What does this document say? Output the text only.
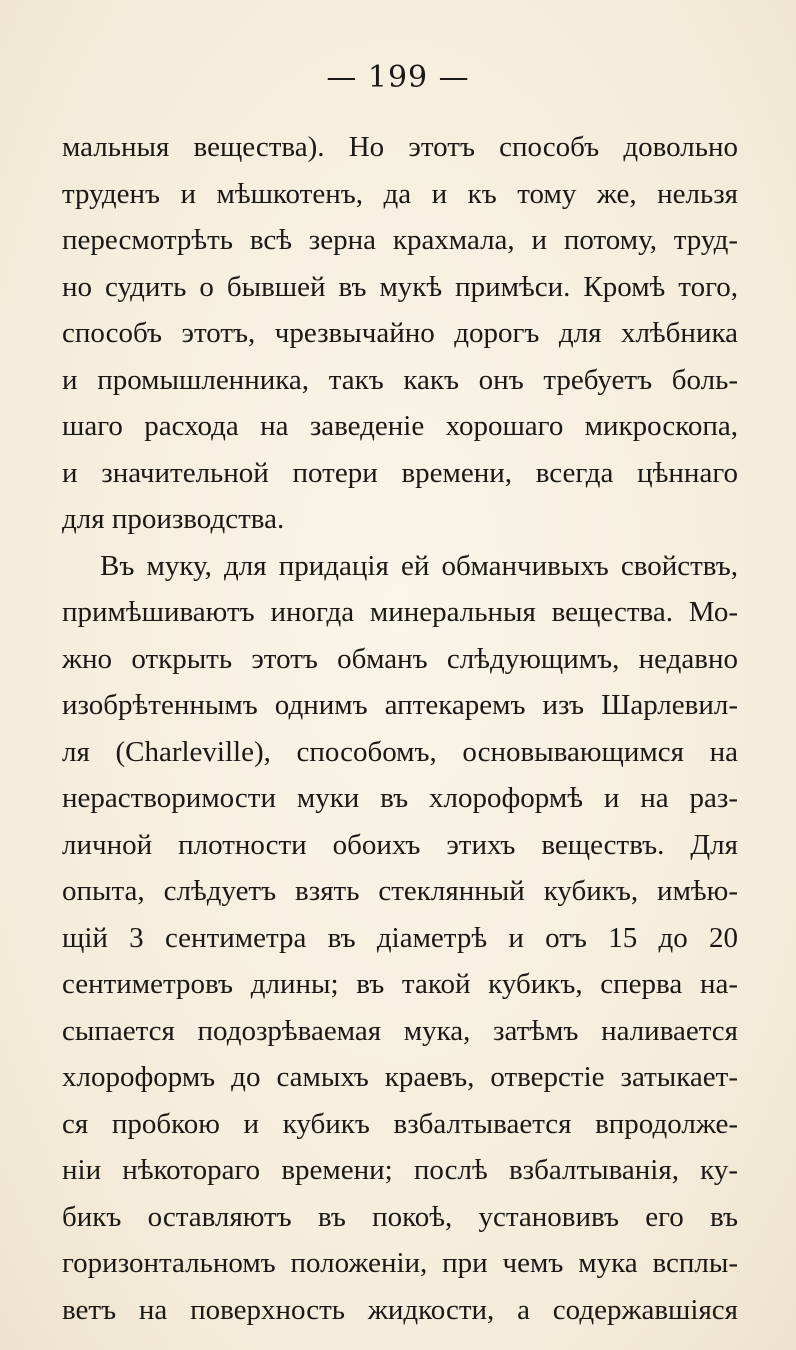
— 199 —
мальныя вещества). Но этотъ способъ довольно
труденъ и мѣшкотенъ, да и къ тому же, нельзя
пересмотрѣть всѣ зерна крахмала, и потому, труд-
но судить о бывшей въ мукѣ примѣси. Кромѣ того,
способъ этотъ, чрезвычайно дорогъ для хлѣбника
и промышленника, такъ какъ онъ требуетъ боль-
шаго расхода на заведеніе хорошаго микроскопа,
и значительной потери времени, всегда цѣннаго
для производства.
Въ муку, для придація ей обманчивыхъ свойствъ,
примѣшиваютъ иногда минеральныя вещества. Мо-
жно открыть этотъ обманъ слѣдующимъ, недавно
изобрѣтеннымъ однимъ аптекаремъ изъ Шарлевил-
ля (Charleville), способомъ, основывающимся на
нерастворимости муки въ хлороформѣ и на раз-
личной плотности обоихъ этихъ веществъ. Для
опыта, слѣдуетъ взять стеклянный кубикъ, имѣю-
щій 3 сентиметра въ діаметрѣ и отъ 15 до 20
сентиметровъ длины; въ такой кубикъ, сперва на-
сыпается подозрѣваемая мука, затѣмъ наливается
хлороформъ до самыхъ краевъ, отверстіе затыкает-
ся пробкою и кубикъ взбалтывается впродолже-
ніи нѣкотораго времени; послѣ взбалтыванія, ку-
бикъ оставляютъ въ покоѣ, установивъ его въ
горизонтальномъ положеніи, при чемъ мука всплы-
ветъ на поверхность жидкости, а содержавшіяся
